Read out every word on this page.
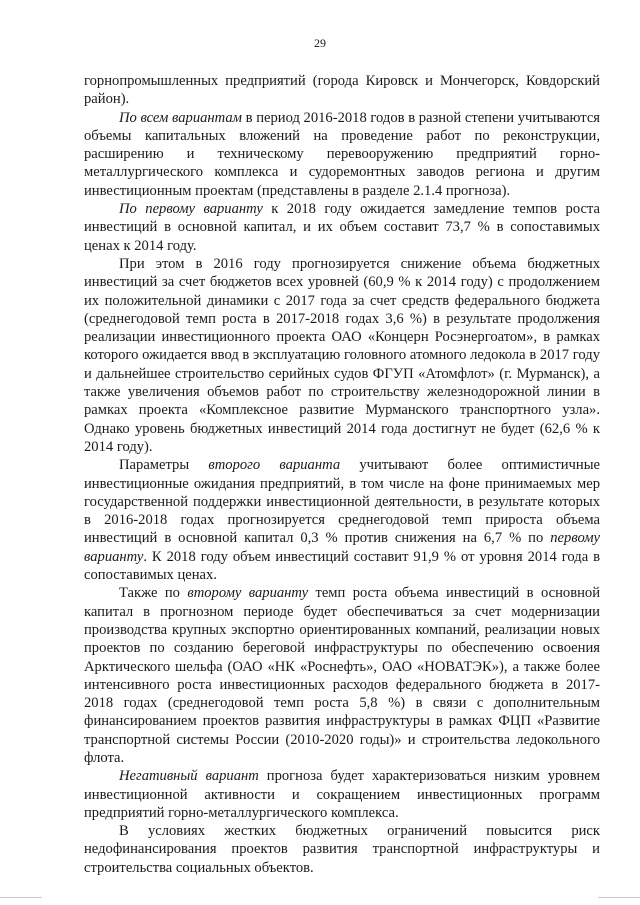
29

горнопромышленных предприятий (города Кировск и Мончегорск, Ковдорский район).

По всем вариантам в период 2016-2018 годов в разной степени учитываются объемы капитальных вложений на проведение работ по реконструкции, расширению и техническому перевооружению предприятий горно-металлургического комплекса и судоремонтных заводов региона и другим инвестиционным проектам (представлены в разделе 2.1.4 прогноза).

По первому варианту к 2018 году ожидается замедление темпов роста инвестиций в основной капитал, и их объем составит 73,7 % в сопоставимых ценах к 2014 году.

При этом в 2016 году прогнозируется снижение объема бюджетных инвестиций за счет бюджетов всех уровней (60,9 % к 2014 году) с продолжением их положительной динамики с 2017 года за счет средств федерального бюджета (среднегодовой темп роста в 2017-2018 годах 3,6 %) в результате продолжения реализации инвестиционного проекта ОАО «Концерн Росэнергоатом», в рамках которого ожидается ввод в эксплуатацию головного атомного ледокола в 2017 году и дальнейшее строительство серийных судов ФГУП «Атомфлот» (г. Мурманск), а также увеличения объемов работ по строительству железнодорожной линии в рамках проекта «Комплексное развитие Мурманского транспортного узла». Однако уровень бюджетных инвестиций 2014 года достигнут не будет (62,6 % к 2014 году).

Параметры второго варианта учитывают более оптимистичные инвестиционные ожидания предприятий, в том числе на фоне принимаемых мер государственной поддержки инвестиционной деятельности, в результате которых в 2016-2018 годах прогнозируется среднегодовой темп прироста объема инвестиций в основной капитал 0,3 % против снижения на 6,7 % по первому варианту. К 2018 году объем инвестиций составит 91,9 % от уровня 2014 года в сопоставимых ценах.

Также по второму варианту темп роста объема инвестиций в основной капитал в прогнозном периоде будет обеспечиваться за счет модернизации производства крупных экспортно ориентированных компаний, реализации новых проектов по созданию береговой инфраструктуры по обеспечению освоения Арктического шельфа (ОАО «НК «Роснефть», ОАО «НОВАТЭК»), а также более интенсивного роста инвестиционных расходов федерального бюджета в 2017-2018 годах (среднегодовой темп роста 5,8 %) в связи с дополнительным финансированием проектов развития инфраструктуры в рамках ФЦП «Развитие транспортной системы России (2010-2020 годы)» и строительства ледокольного флота.

Негативный вариант прогноза будет характеризоваться низким уровнем инвестиционной активности и сокращением инвестиционных программ предприятий горно-металлургического комплекса.

В условиях жестких бюджетных ограничений повысится риск недофинансирования проектов развития транспортной инфраструктуры и строительства социальных объектов.
